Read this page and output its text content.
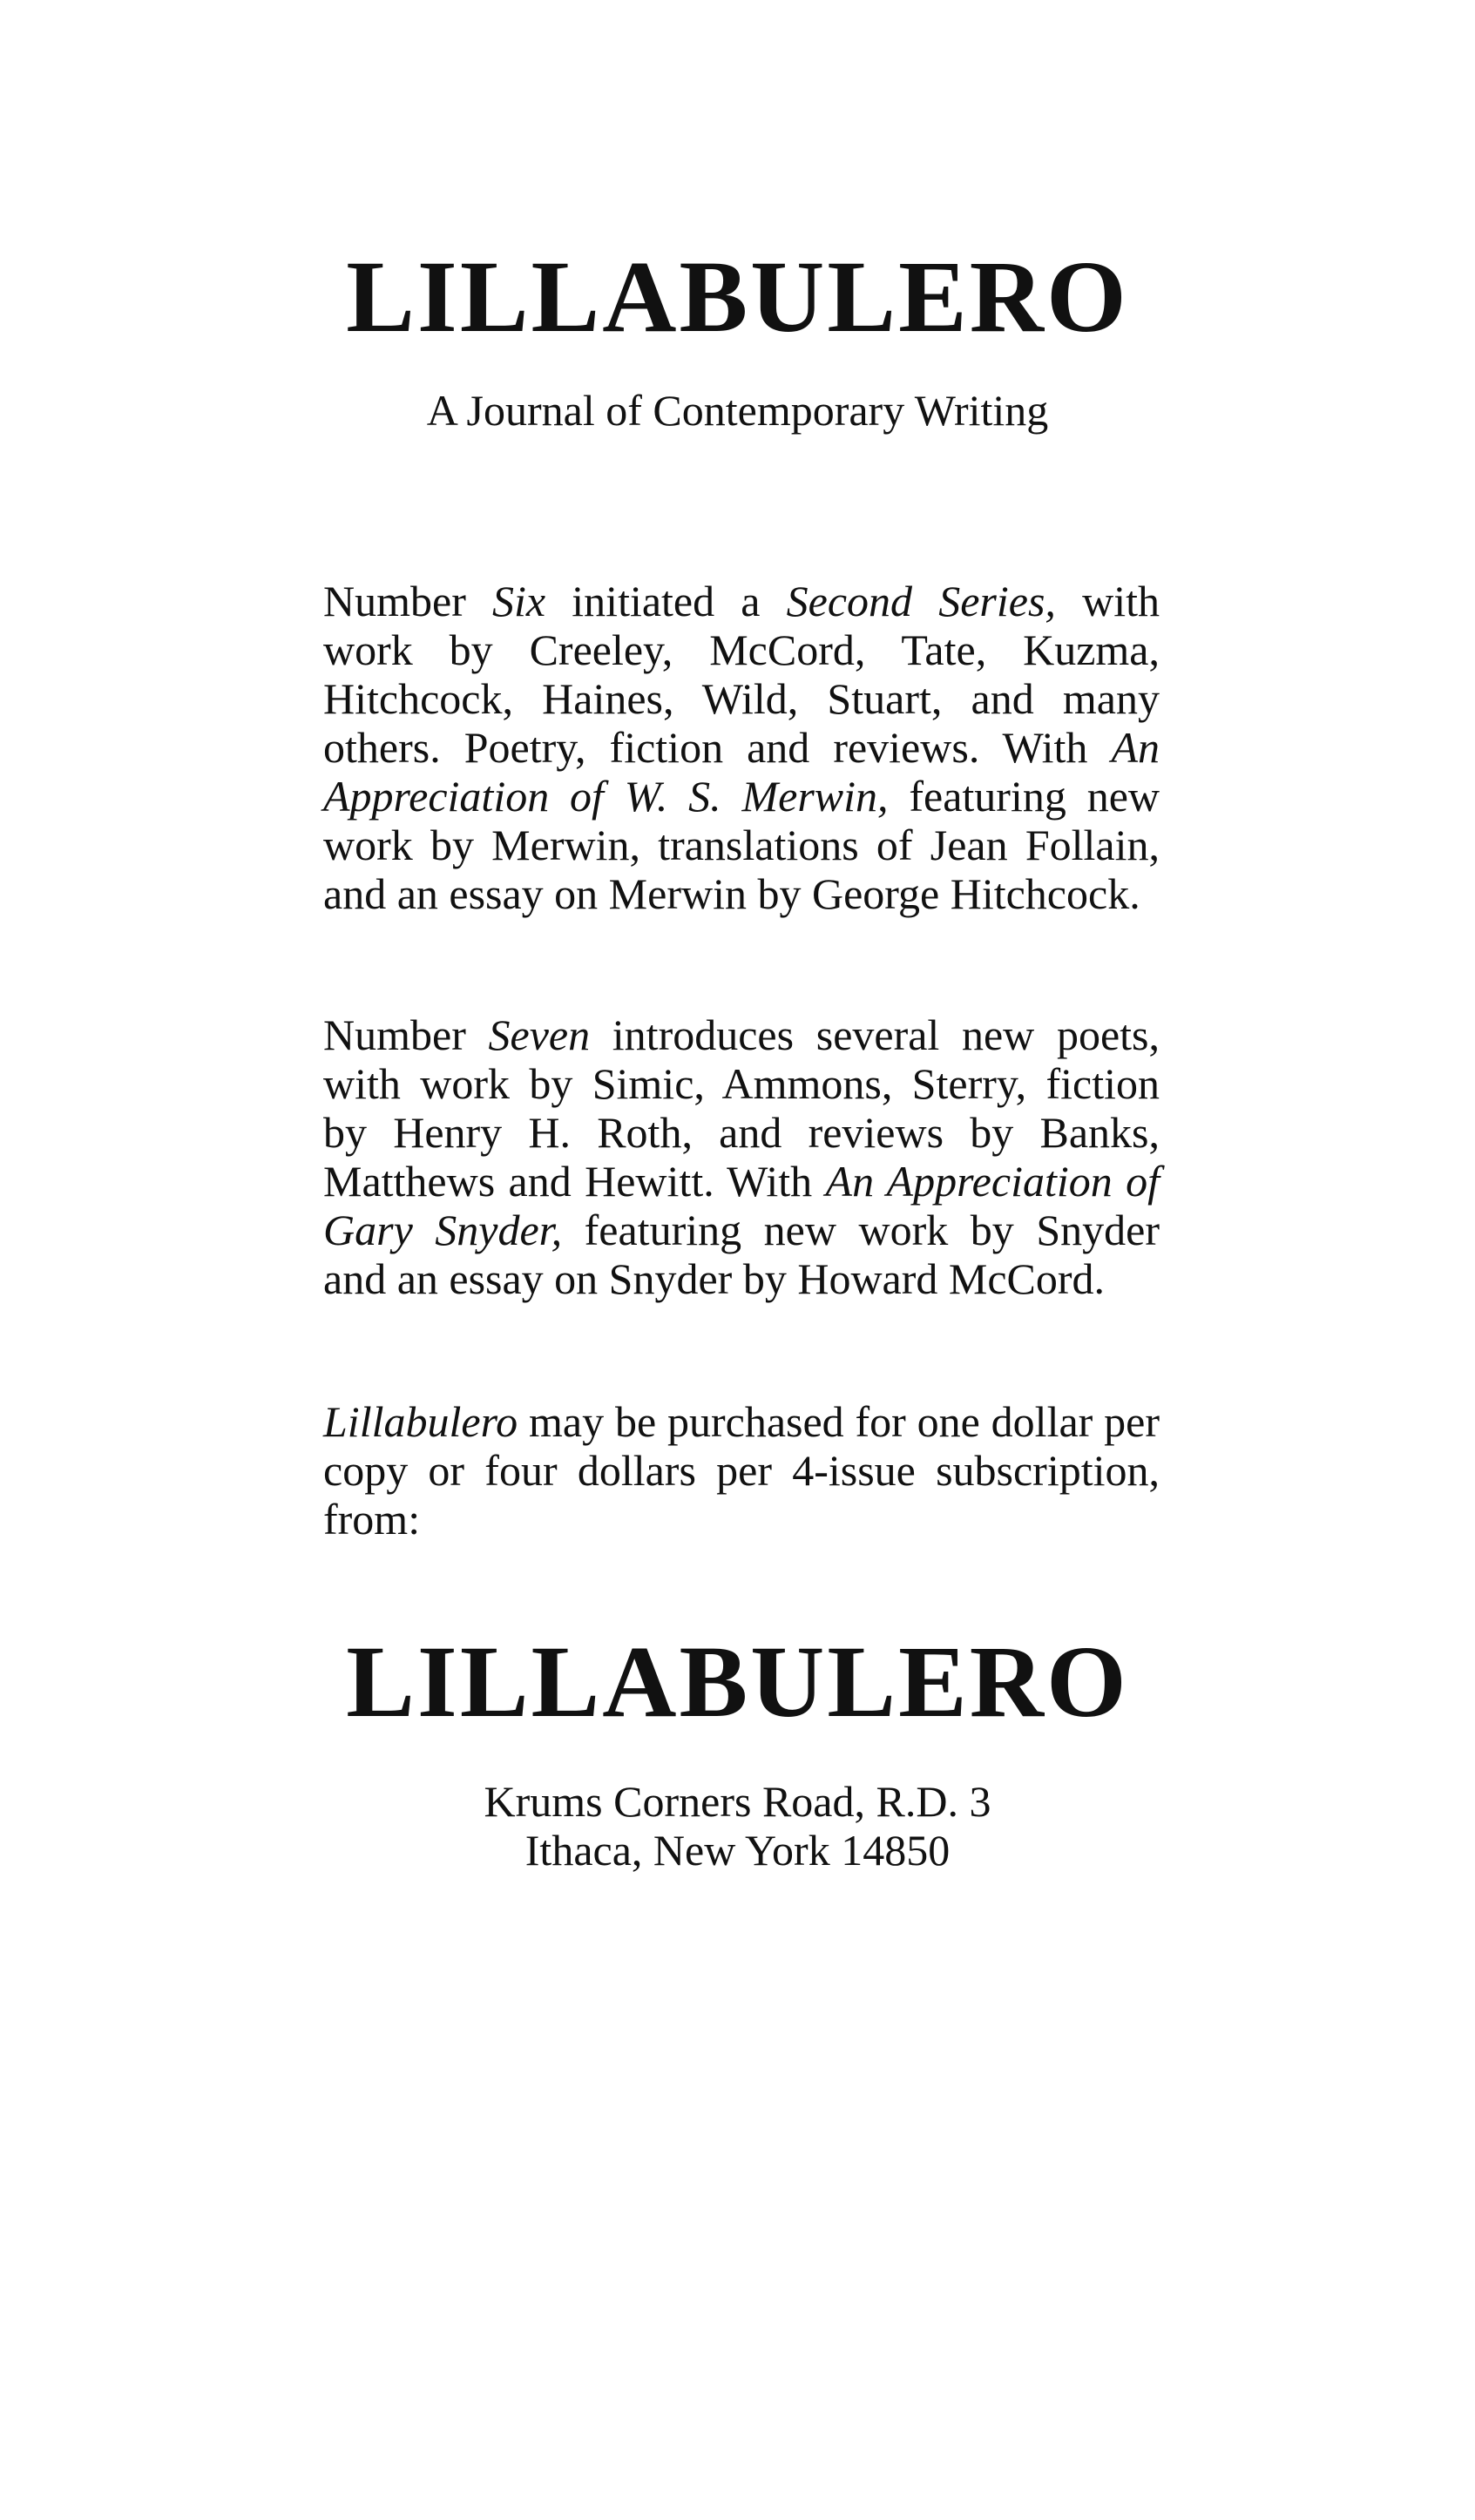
LILLABULERO

A Journal of Contemporary Writing

Number Six initiated a Second Series, with work by Creeley, McCord, Tate, Kuzma, Hitchcock, Haines, Wild, Stuart, and many others. Poetry, fiction and reviews. With An Appreciation of W. S. Merwin, featuring new work by Merwin, translations of Jean Follain, and an essay on Merwin by George Hitchcock.

Number Seven introduces several new poets, with work by Simic, Ammons, Sterry, fiction by Henry H. Roth, and reviews by Banks, Matthews and Hewitt. With An Appreciation of Gary Snyder, featuring new work by Snyder and an essay on Snyder by Howard McCord.

Lillabulero may be purchased for one dollar per copy or four dollars per 4-issue subscription, from:

LILLABULERO

Krums Corners Road, R.D. 3

Ithaca, New York 14850
